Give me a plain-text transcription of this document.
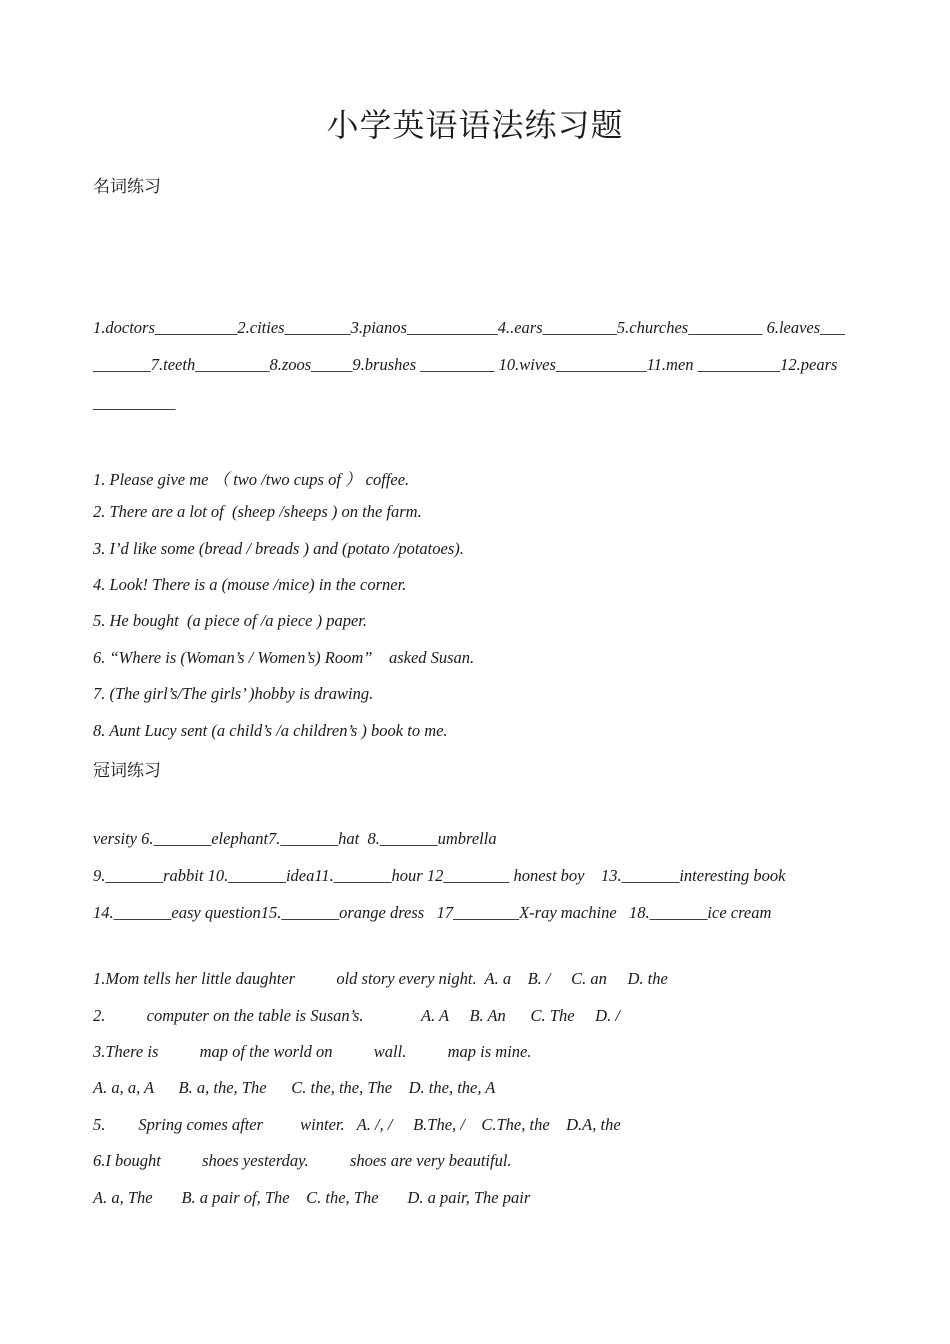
小学英语语法练习题
名词练习
1.doctors__________2.cities________3.pianos___________4..ears_________5.churches_________ 6.leaves___
_______7.teeth_________8.zoos_____9.brushes _________ 10.wives___________11.men __________12.pears
__________
1. Please give me （ two /two cups of ） coffee.
2. There are a lot of  (sheep /sheeps ) on the farm.
3. I’d like some (bread / breads ) and (potato /potatoes).
4. Look! There is a (mouse /mice) in the corner.
5. He bought  (a piece of /a piece ) paper.
6. “Where is (Woman’s / Women’s) Room”    asked Susan.
7. (The girl’s/The girls’ )hobby is drawing.
8. Aunt Lucy sent (a child’s /a children’s ) book to me.
冠词练习
versity 6._______elephant7._______hat  8._______umbrella
9._______rabbit 10._______idea11._______hour 12________ honest boy    13._______interesting book
14._______easy question15._______orange dress   17________X-ray machine   18._______ice cream
1.Mom tells her little daughter          old story every night.  A. a    B. /     C. an     D. the
2.          computer on the table is Susan’s.              A. A     B. An      C. The     D. /
3.There is          map of the world on          wall.          map is mine.
A. a, a, A      B. a, the, The      C. the, the, The    D. the, the, A
5.        Spring comes after         winter.   A. /, /     B.The, /    C.The, the    D.A, the
6.I bought          shoes yesterday.          shoes are very beautiful.
A. a, The       B. a pair of, The    C. the, The       D. a pair, The pair
